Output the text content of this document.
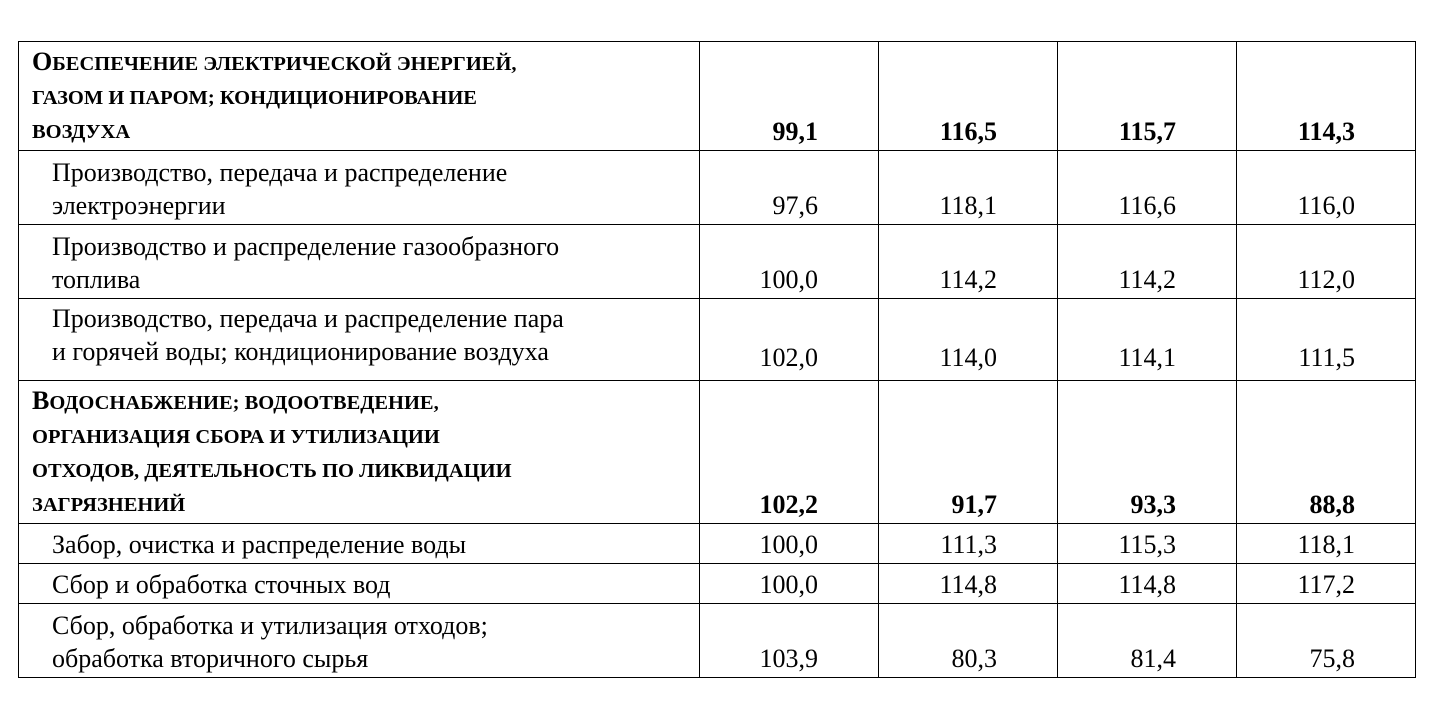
ОБЕСПЕЧЕНИЕ ЭЛЕКТРИЧЕСКОЙ ЭНЕРГИЕЙ,
ГАЗОМ И ПАРОМ; КОНДИЦИОНИРОВАНИЕ
ВОЗДУХА	99,1	116,5	115,7	114,3

Производство, передача и распределение
электроэнергии	97,6	118,1	116,6	116,0

Производство и распределение газообразного
топлива	100,0	114,2	114,2	112,0

Производство, передача и распределение пара
и горячей воды; кондиционирование воздуха	102,0	114,0	114,1	111,5

ВОДОСНАБЖЕНИЕ; ВОДООТВЕДЕНИЕ,
ОРГАНИЗАЦИЯ СБОРА И УТИЛИЗАЦИИ
ОТХОДОВ, ДЕЯТЕЛЬНОСТЬ ПО ЛИКВИДАЦИИ
ЗАГРЯЗНЕНИЙ	102,2	91,7	93,3	88,8

Забор, очистка и распределение воды	100,0	111,3	115,3	118,1

Сбор и обработка сточных вод	100,0	114,8	114,8	117,2

Сбор, обработка и утилизация отходов;
обработка вторичного сырья	103,9	80,3	81,4	75,8
